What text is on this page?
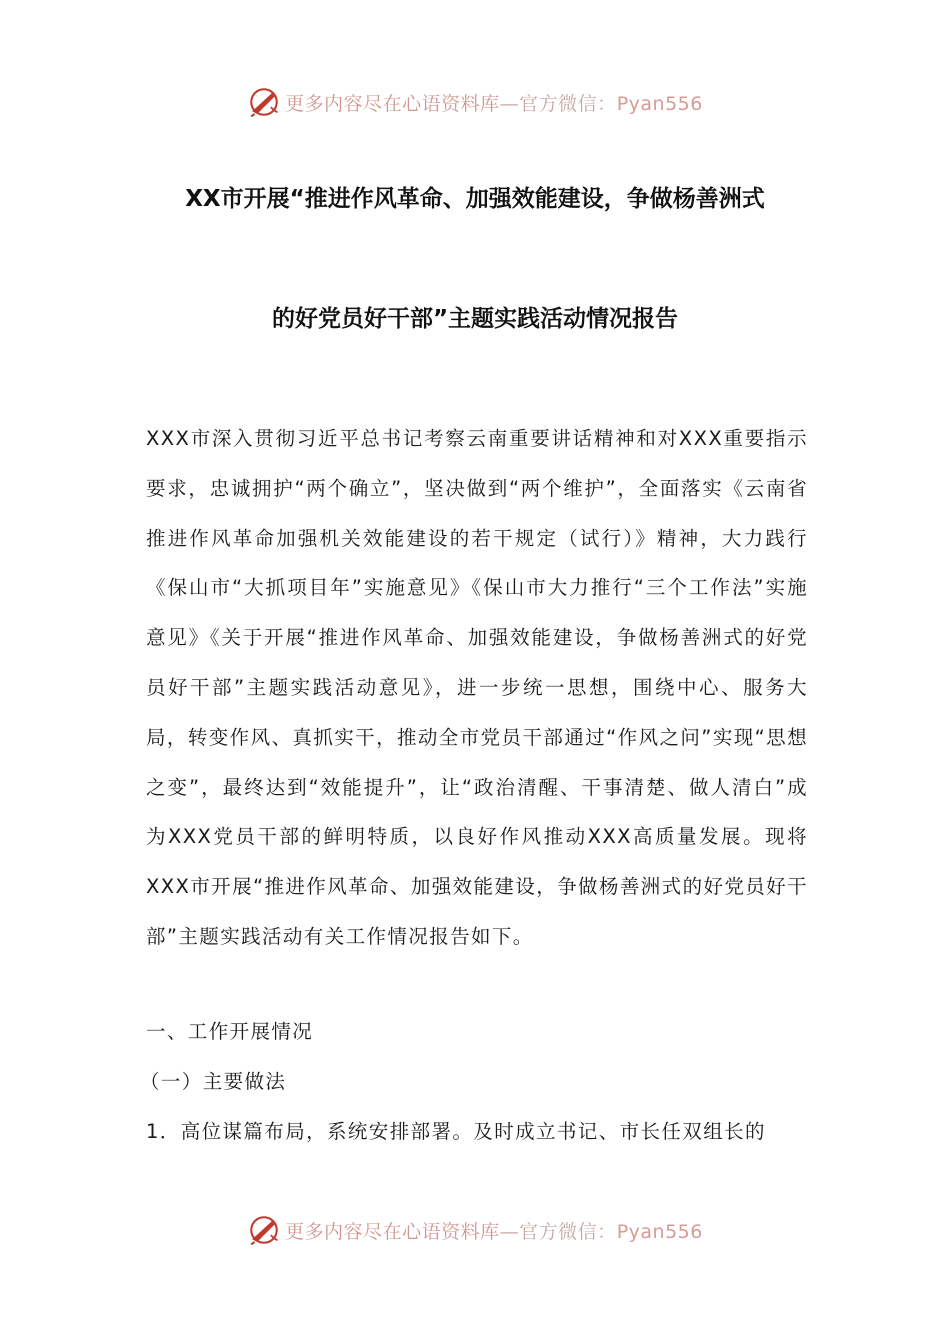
更多内容尽在心语资料库—官方微信：Pyan556
XX市开展“推进作风革命、加强效能建设，争做杨善洲式
的好党员好干部”主题实践活动情况报告
XXX市深入贯彻习近平总书记考察云南重要讲话精神和对XXX重要指示要求，忠诚拥护“两个确立”，坚决做到“两个维护”，全面落实《云南省推进作风革命加强机关效能建设的若干规定（试行）》精神，大力践行《保山市“大抓项目年”实施意见》《保山市大力推行“三个工作法”实施意见》《关于开展“推进作风革命、加强效能建设，争做杨善洲式的好党员好干部”主题实践活动意见》，进一步统一思想，围绕中心、服务大局，转变作风、真抓实干，推动全市党员干部通过“作风之问”实现“思想之变”，最终达到“效能提升”，让“政治清醒、干事清楚、做人清白”成为XXX党员干部的鲜明特质，以良好作风推动XXX高质量发展。现将XXX市开展“推进作风革命、加强效能建设，争做杨善洲式的好党员好干部”主题实践活动有关工作情况报告如下。
一、工作开展情况
（一）主要做法
1．高位谋篇布局，系统安排部署。及时成立书记、市长任双组长的
更多内容尽在心语资料库—官方微信：Pyan556
